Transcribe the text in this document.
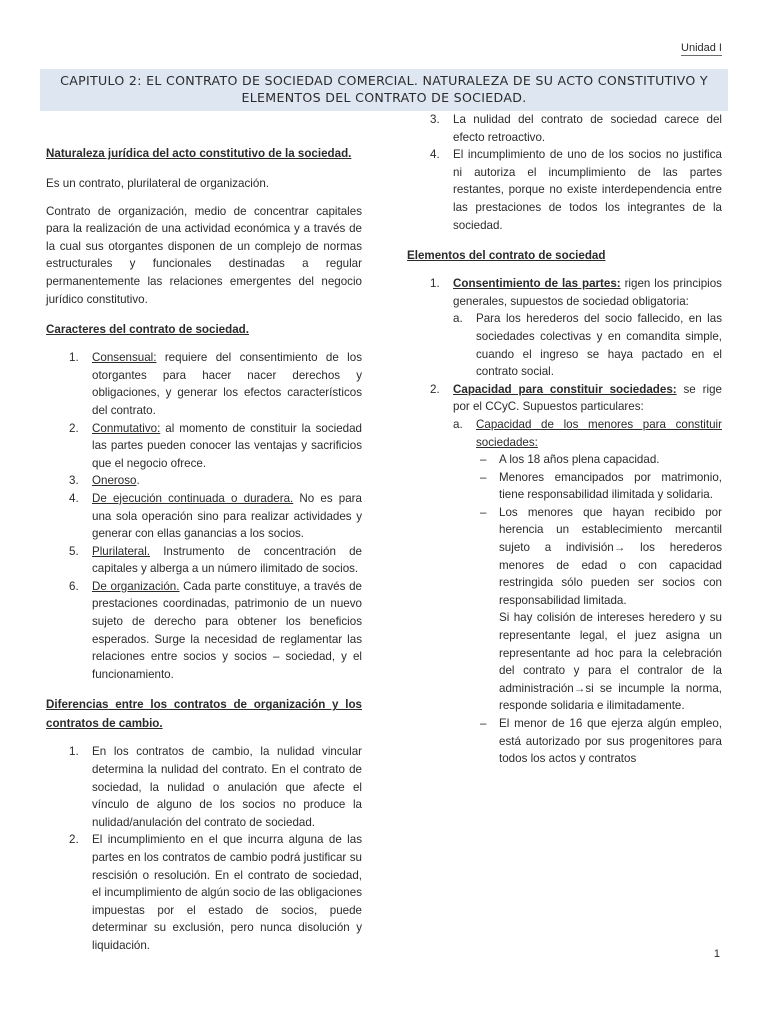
Unidad I
CAPITULO 2: EL CONTRATO DE SOCIEDAD COMERCIAL. NATURALEZA DE SU ACTO CONSTITUTIVO Y
ELEMENTOS DEL CONTRATO DE SOCIEDAD.
Naturaleza jurídica del acto constitutivo de la sociedad.

Es un contrato, plurilateral de organización.

Contrato de organización, medio de concentrar capitales para la realización de una actividad económica y a través de la cual sus otorgantes disponen de un complejo de normas estructurales y funcionales destinadas a regular permanentemente las relaciones emergentes del negocio jurídico constitutivo.

Caracteres del contrato de sociedad.
1. Consensual: requiere del consentimiento de los otorgantes para hacer nacer derechos y obligaciones, y generar los efectos característicos del contrato.
2. Conmutativo: al momento de constituir la sociedad las partes pueden conocer las ventajas y sacrificios que el negocio ofrece.
3. Oneroso.
4. De ejecución continuada o duradera. No es para una sola operación sino para realizar actividades y generar con ellas ganancias a los socios.
5. Plurilateral. Instrumento de concentración de capitales y alberga a un número ilimitado de socios.
6. De organización. Cada parte constituye, a través de prestaciones coordinadas, patrimonio de un nuevo sujeto de derecho para obtener los beneficios esperados. Surge la necesidad de reglamentar las relaciones entre socios y socios – sociedad, y el funcionamiento.
Diferencias entre los contratos de organización y los contratos de cambio.
1. En los contratos de cambio, la nulidad vincular determina la nulidad del contrato. En el contrato de sociedad, la nulidad o anulación que afecte el vínculo de alguno de los socios no produce la nulidad/anulación del contrato de sociedad.
2. El incumplimiento en el que incurra alguna de las partes en los contratos de cambio podrá justificar su rescisión o resolución. En el contrato de sociedad, el incumplimiento de algún socio de las obligaciones impuestas por el estado de socios, puede determinar su exclusión, pero nunca disolución y liquidación.
3. La nulidad del contrato de sociedad carece del efecto retroactivo.
4. El incumplimiento de uno de los socios no justifica ni autoriza el incumplimiento de las partes restantes, porque no existe interdependencia entre las prestaciones de todos los integrantes de la sociedad.
Elementos del contrato de sociedad
1. Consentimiento de las partes: rigen los principios generales, supuestos de sociedad obligatoria:
a. Para los herederos del socio fallecido, en las sociedades colectivas y en comandita simple, cuando el ingreso se haya pactado en el contrato social.
2. Capacidad para constituir sociedades: se rige por el CCyC. Supuestos particulares:
a. Capacidad de los menores para constituir sociedades:
– A los 18 años plena capacidad.
– Menores emancipados por matrimonio, tiene responsabilidad ilimitada y solidaria.
– Los menores que hayan recibido por herencia un establecimiento mercantil sujeto a indivisión→ los herederos menores de edad o con capacidad restringida sólo pueden ser socios con responsabilidad limitada.
Si hay colisión de intereses heredero y su representante legal, el juez asigna un representante ad hoc para la celebración del contrato y para el contralor de la administración→si se incumple la norma, responde solidaria e ilimitadamente.
– El menor de 16 que ejerza algún empleo, está autorizado por sus progenitores para todos los actos y contratos
1
